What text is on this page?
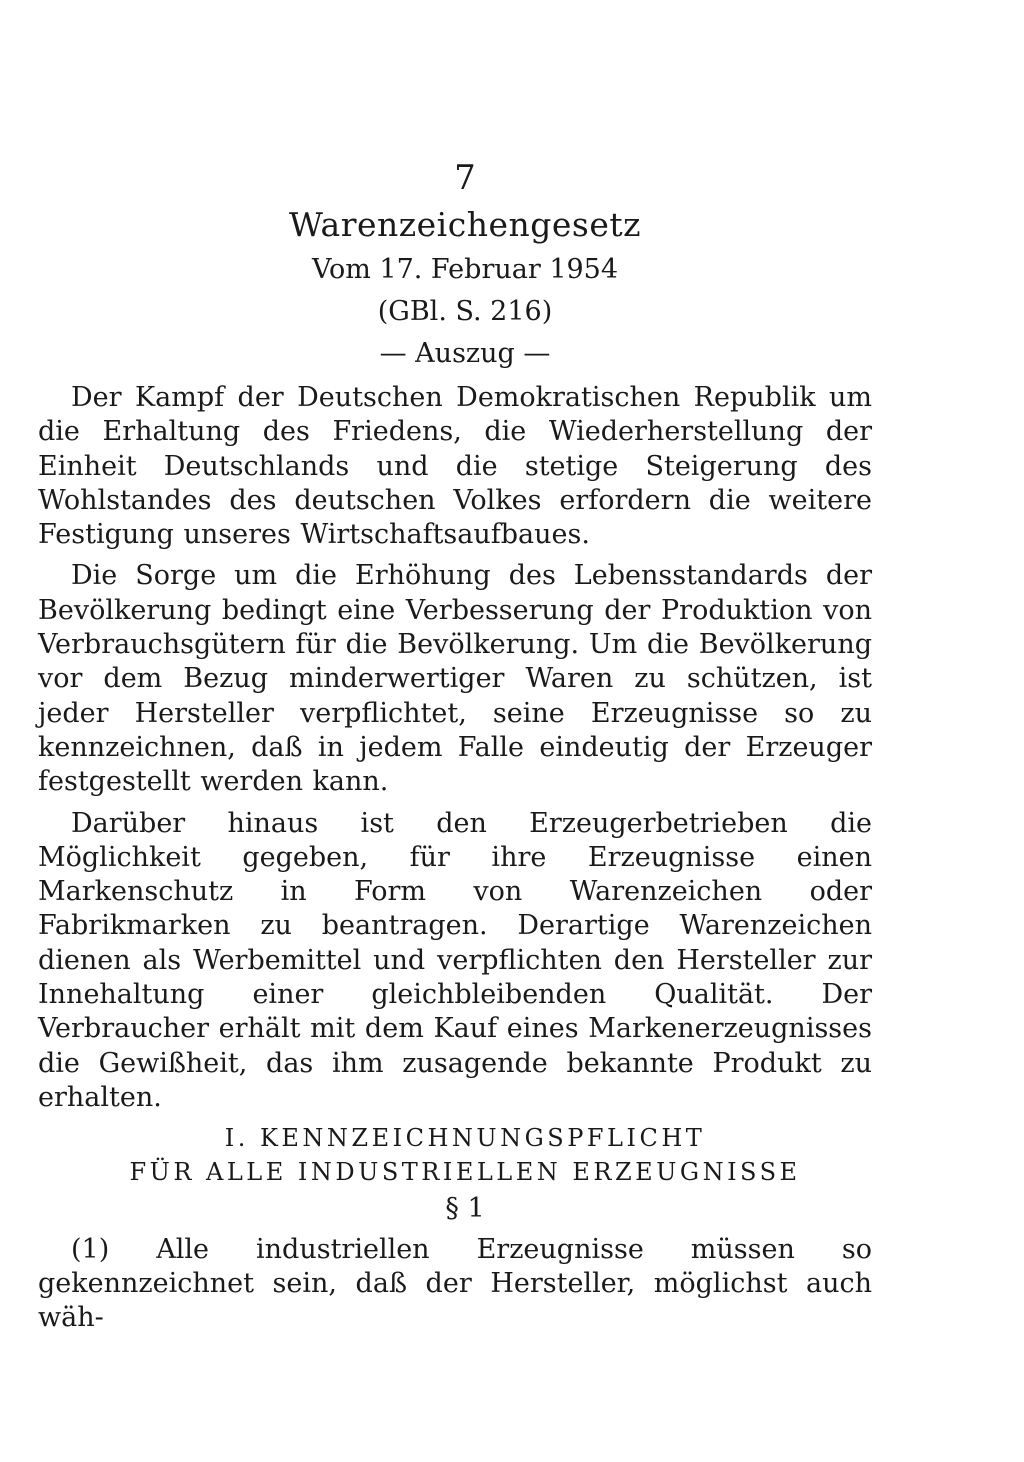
7
Warenzeichengesetz
Vom 17. Februar 1954
(GBl. S. 216)
— Auszug —

Der Kampf der Deutschen Demokratischen Republik um die Erhaltung des Friedens, die Wiederherstellung der Einheit Deutschlands und die stetige Steigerung des Wohlstandes des deutschen Volkes erfordern die weitere Festigung unseres Wirtschaftsaufbaues.

Die Sorge um die Erhöhung des Lebensstandards der Bevölkerung bedingt eine Verbesserung der Produktion von Verbrauchsgütern für die Bevölkerung. Um die Bevölkerung vor dem Bezug minderwertiger Waren zu schützen, ist jeder Hersteller verpflichtet, seine Erzeugnisse so zu kennzeichnen, daß in jedem Falle eindeutig der Erzeuger festgestellt werden kann.

Darüber hinaus ist den Erzeugerbetrieben die Möglichkeit gegeben, für ihre Erzeugnisse einen Markenschutz in Form von Warenzeichen oder Fabrikmarken zu beantragen. Derartige Warenzeichen dienen als Werbemittel und verpflichten den Hersteller zur Innehaltung einer gleichbleibenden Qualität. Der Verbraucher erhält mit dem Kauf eines Markenerzeugnisses die Gewißheit, das ihm zusagende bekannte Produkt zu erhalten.

I. KENNZEICHNUNGSPFLICHT
FÜR ALLE INDUSTRIELLEN ERZEUGNISSE
§ 1

(1) Alle industriellen Erzeugnisse müssen so gekennzeichnet sein, daß der Hersteller, möglichst auch wäh-
